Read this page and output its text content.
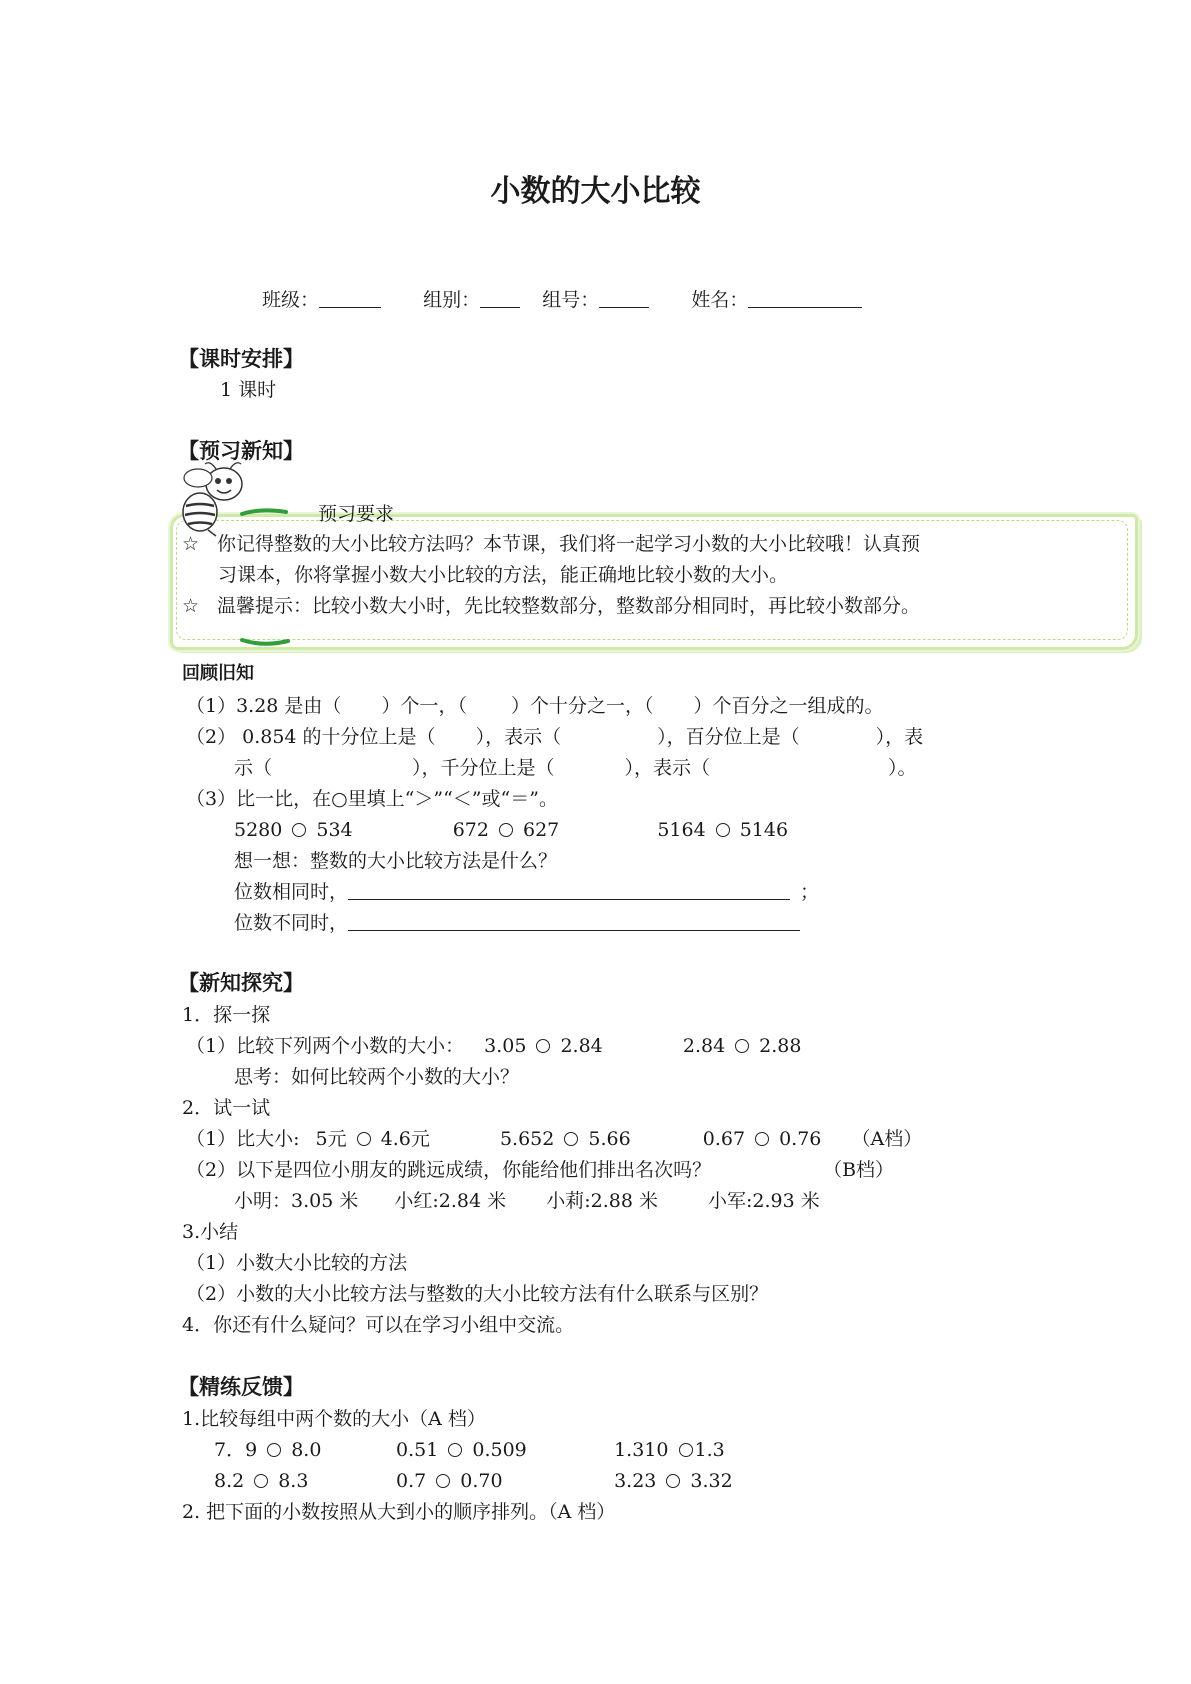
小数的大小比较
班级：	组别：	组号：	姓名：
【课时安排】
1 课时
【预习新知】
预习要求
☆ 你记得整数的大小比较方法吗？本节课，我们将一起学习小数的大小比较哦！认真预
习课本，你将掌握小数大小比较的方法，能正确地比较小数的大小。
☆ 温馨提示：比较小数大小时，先比较整数部分，整数部分相同时，再比较小数部分。
回顾旧知
（1）3.28 是由（ ）个一，（ ）个十分之一，（ ）个百分之一组成的。
（2） 0.854 的十分位上是（ ），表示（	），百分位上是（	），表
示（	），千分位上是（	），表示（	）。
（3）比一比，在○里填上“＞”“＜”或“＝”。
5280 534	672 627	5164 5146
想一想：整数的大小比较方法是什么？
位数相同时，	；
位数不同时，
【新知探究】
1．探一探
（1）比较下列两个小数的大小： 3.05 2.84	2.84 2.88
思考：如何比较两个小数的大小？
2．试一试
（1）比大小: 5元 4.6元	5.652 5.66	0.67 0.76 （A档）
（2）以下是四位小朋友的跳远成绩，你能给他们排出名次吗？	（B档）
小明：3.05 米 小红:2.84 米 小莉:2.88 米	小军:2.93 米
3.小结
（1）小数大小比较的方法
（2）小数的大小比较方法与整数的大小比较方法有什么联系与区别？
4．你还有什么疑问？可以在学习小组中交流。
【精练反馈】
1.比较每组中两个数的大小（A 档）
7．9 8.0	0.51 0.509	1.310 1.3
8.2 8.3	0.7 0.70	3.23 3.32
2. 把下面的小数按照从大到小的顺序排列。（A 档）
